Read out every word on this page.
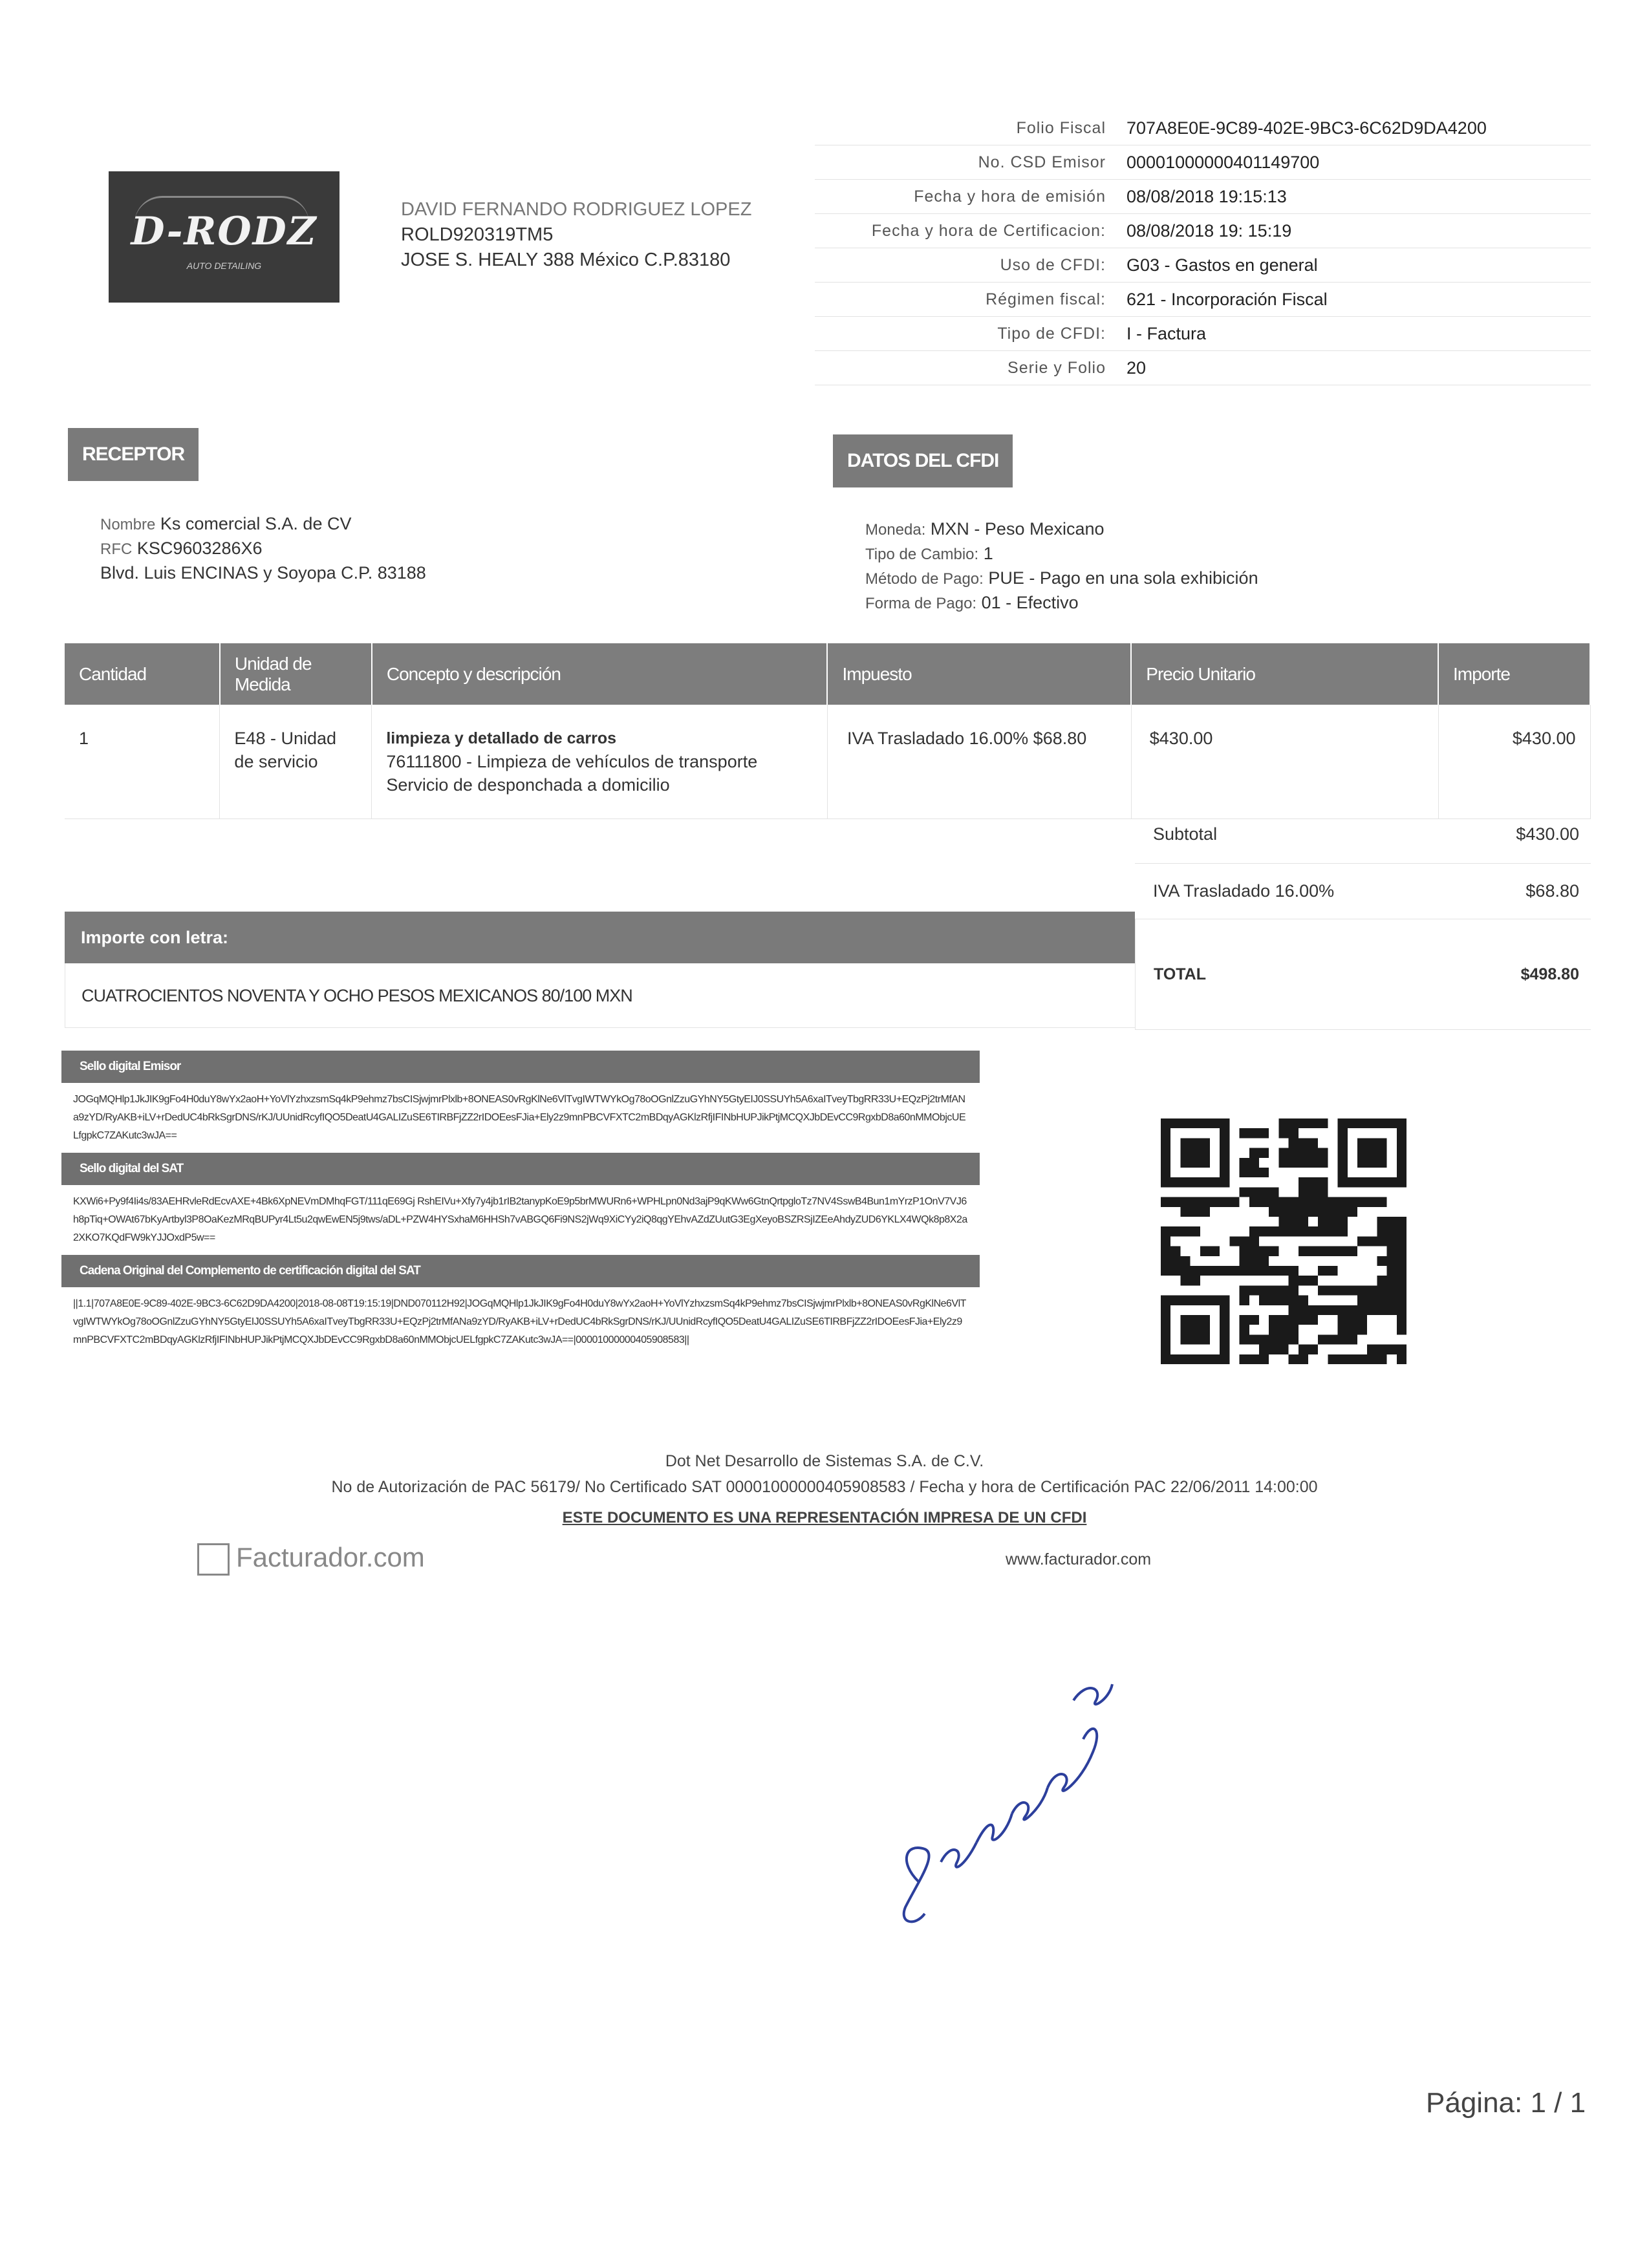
D-RODZ
AUTO DETAILING
DAVID FERNANDO RODRIGUEZ LOPEZ
ROLD920319TM5
JOSE S. HEALY 388 México C.P.83180
Folio Fiscal	707A8E0E-9C89-402E-9BC3-6C62D9DA4200
No. CSD Emisor	00001000000401149700
Fecha y hora de emisión	08/08/2018 19:15:13
Fecha y hora de Certificacion:	08/08/2018 19: 15:19
Uso de CFDI:	G03 - Gastos en general
Régimen fiscal:	621 - Incorporación Fiscal
Tipo de CFDI:	I - Factura
Serie y Folio	20
RECEPTOR	DATOS DEL CFDI
Nombre Ks comercial S.A. de CV
RFC KSC9603286X6
Blvd. Luis ENCINAS y Soyopa C.P. 83188
Moneda: MXN - Peso Mexicano
Tipo de Cambio: 1
Método de Pago: PUE - Pago en una sola exhibición
Forma de Pago: 01 - Efectivo
Cantidad	Unidad de Medida	Concepto y descripción	Impuesto	Precio Unitario	Importe
1	E48 - Unidad de servicio	limpieza y detallado de carros
76111800 - Limpieza de vehículos de transporte
Servicio de desponchada a domicilio	IVA Trasladado 16.00% $68.80	$430.00	$430.00
Subtotal	$430.00
IVA Trasladado 16.00%	$68.80
TOTAL	$498.80
Importe con letra:
CUATROCIENTOS NOVENTA Y OCHO PESOS MEXICANOS 80/100 MXN
Sello digital Emisor
JOGqMQHlp1JkJIK9gFo4H0duY8wYx2aoH+YoVlYzhxzsmSq4kP9ehmz7bsCISjwjmrPlxlb+8ONEAS0vRgKlNe6VlTvgIWTWYkOg78oOGnlZzuGYhNY5GtyEIJ0SSUYh5A6xaITveyTbgRR33U+EQzPj2trMfANa9zYD/RyAKB+iLV+rDedUC4bRkSgrDNS/rKJ/UUnidRcyfIQO5DeatU4GALIZuSE6TIRBFjZZ2rIDOEesFJia+Ely2z9mnPBCVFXTC2mBDqyAGKlzRfjIFINbHUPJikPtjMCQXJbDEvCC9RgxbD8a60nMMObjcUELfgpkC7ZAKutc3wJA==
Sello digital del SAT
KXWi6+Py9f4Ii4s/83AEHRvleRdEcvAXE+4Bk6XpNEVmDMhqFGT/111qE69Gj RshEIVu+Xfy7y4jb1rIB2tanypKoE9p5brMWURn6+WPHLpn0Nd3ajP9qKWw6GtnQrtpgloTz7NV4SswB4Bun1mYrzP1OnV7VJ6h8pTiq+OWAt67bKyArtbyl3P8OaKezMRqBUPyr4Lt5u2qwEwEN5j9tws/aDL+PZW4HYSxhaM6HHSh7vABGQ6Fi9NS2jWq9XiCYy2iQ8qgYEhvAZdZUutG3EgXeyoBSZRSjIZEeAhdyZUD6YKLX4WQk8p8X2a2XKO7KQdFW9kYJJOxdP5w==
Cadena Original del Complemento de certificación digital del SAT
||1.1|707A8E0E-9C89-402E-9BC3-6C62D9DA4200|2018-08-08T19:15:19|DND070112H92|JOGqMQHlp1JkJIK9gFo4H0duY8wYx2aoH+YoVlYzhxzsmSq4kP9ehmz7bsCISjwjmrPlxlb+8ONEAS0vRgKlNe6VlTvgIWTWYkOg78oOGnlZzuGYhNY5GtyEIJ0SSUYh5A6xaITveyTbgRR33U+EQzPj2trMfANa9zYD/RyAKB+iLV+rDedUC4bRkSgrDNS/rKJ/UUnidRcyfIQO5DeatU4GALIZuSE6TIRBFjZZ2rIDOEesFJia+Ely2z9mnPBCVFXTC2mBDqyAGKlzRfjIFINbHUPJikPtjMCQXJbDEvCC9RgxbD8a60nMMObjcUELfgpkC7ZAKutc3wJA==|00001000000405908583||
Dot Net Desarrollo de Sistemas S.A. de C.V.
No de Autorización de PAC 56179/ No Certificado SAT 00001000000405908583 / Fecha y hora de Certificación PAC 22/06/2011 14:00:00
ESTE DOCUMENTO ES UNA REPRESENTACIÓN IMPRESA DE UN CFDI
Facturador.com	www.facturador.com
Página: 1 / 1
